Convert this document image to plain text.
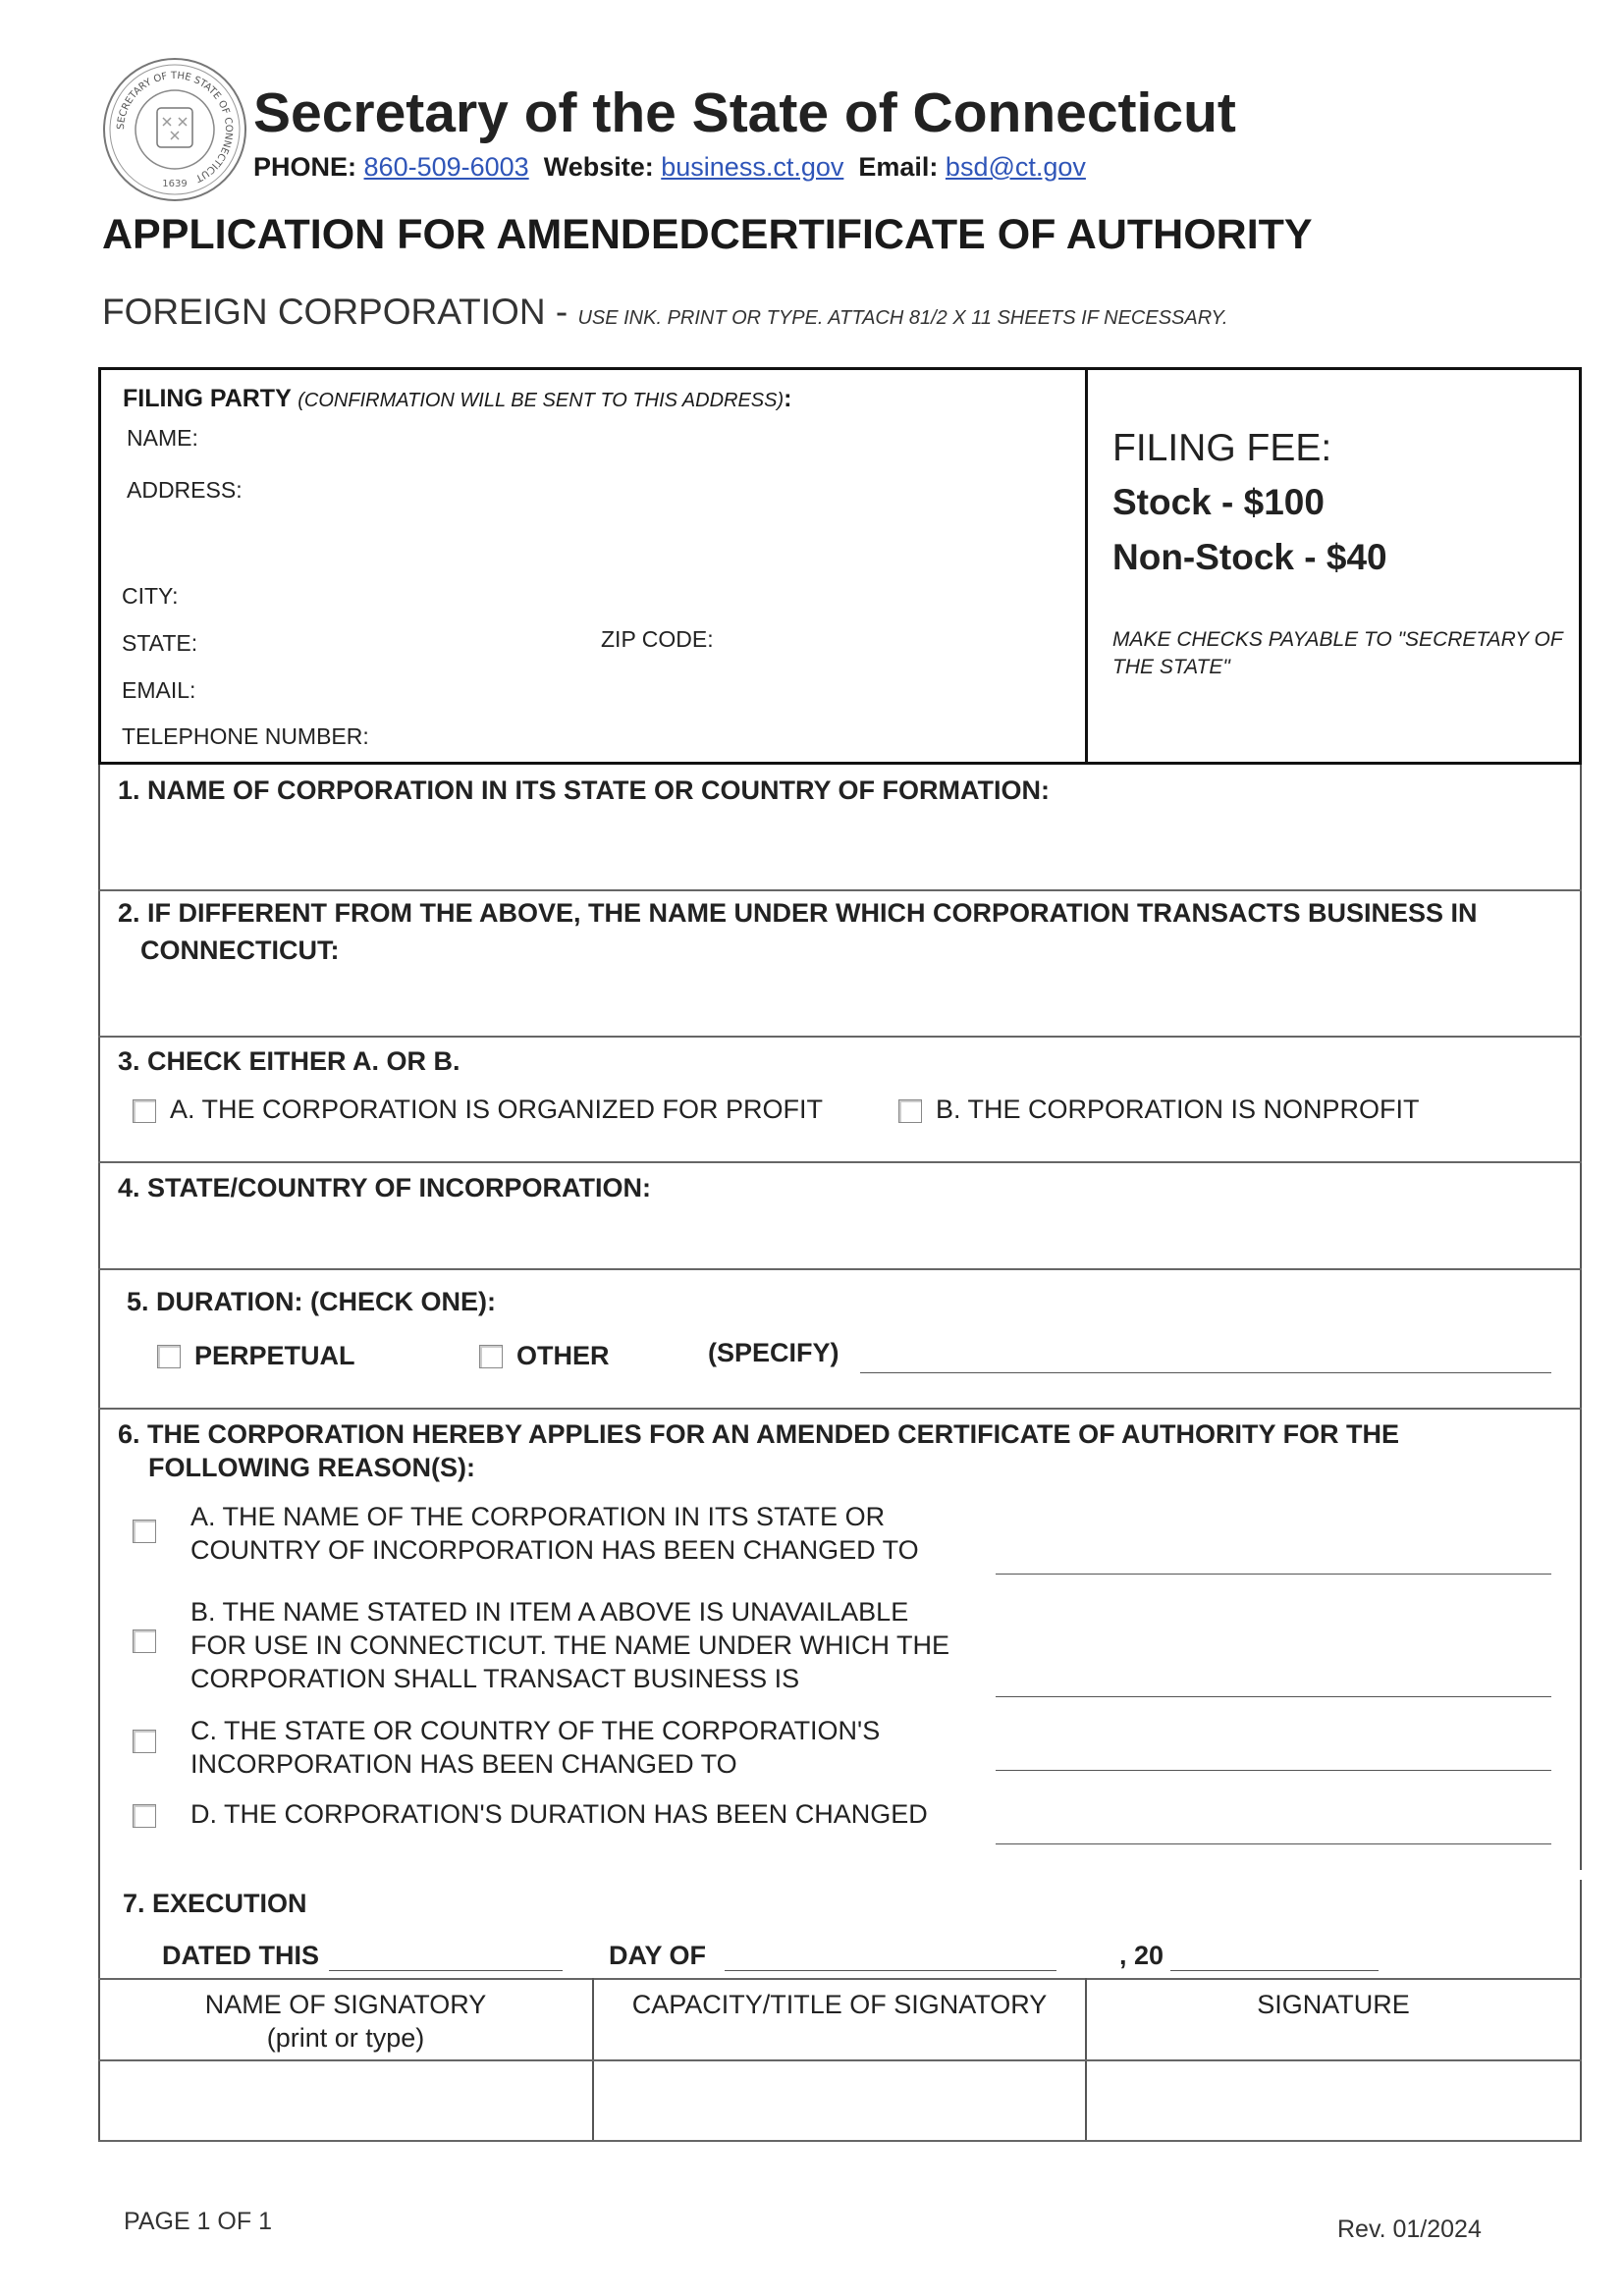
SECRETARY OF THE STATE OF CONNECTICUT
1639
Secretary of the State of Connecticut
PHONE: 860-509-6003 Website: business.ct.gov Email: bsd@ct.gov
APPLICATION FOR AMENDEDCERTIFICATE OF AUTHORITY
FOREIGN CORPORATION - USE INK. PRINT OR TYPE. ATTACH 81/2 X 11 SHEETS IF NECESSARY.
FILING PARTY (CONFIRMATION WILL BE SENT TO THIS ADDRESS):
NAME:
ADDRESS:
CITY:
STATE:	ZIP CODE:
EMAIL:
TELEPHONE NUMBER:
FILING FEE:
Stock - $100
Non-Stock - $40
MAKE CHECKS PAYABLE TO "SECRETARY OF THE STATE"
1. NAME OF CORPORATION IN ITS STATE OR COUNTRY OF FORMATION:
2. IF DIFFERENT FROM THE ABOVE, THE NAME UNDER WHICH CORPORATION TRANSACTS BUSINESS IN
CONNECTICUT:
3. CHECK EITHER A. OR B.
A. THE CORPORATION IS ORGANIZED FOR PROFIT	B. THE CORPORATION IS NONPROFIT
4. STATE/COUNTRY OF INCORPORATION:
5. DURATION: (CHECK ONE):
PERPETUAL	OTHER	(SPECIFY)
6. THE CORPORATION HEREBY APPLIES FOR AN AMENDED CERTIFICATE OF AUTHORITY FOR THE
FOLLOWING REASON(S):
A. THE NAME OF THE CORPORATION IN ITS STATE OR
COUNTRY OF INCORPORATION HAS BEEN CHANGED TO
B. THE NAME STATED IN ITEM A ABOVE IS UNAVAILABLE
FOR USE IN CONNECTICUT. THE NAME UNDER WHICH THE
CORPORATION SHALL TRANSACT BUSINESS IS
C. THE STATE OR COUNTRY OF THE CORPORATION'S
INCORPORATION HAS BEEN CHANGED TO
D. THE CORPORATION'S DURATION HAS BEEN CHANGED
7. EXECUTION
DATED THIS	DAY OF	, 20
NAME OF SIGNATORY
(print or type)
CAPACITY/TITLE OF SIGNATORY	SIGNATURE
PAGE 1 OF 1	Rev. 01/2024
